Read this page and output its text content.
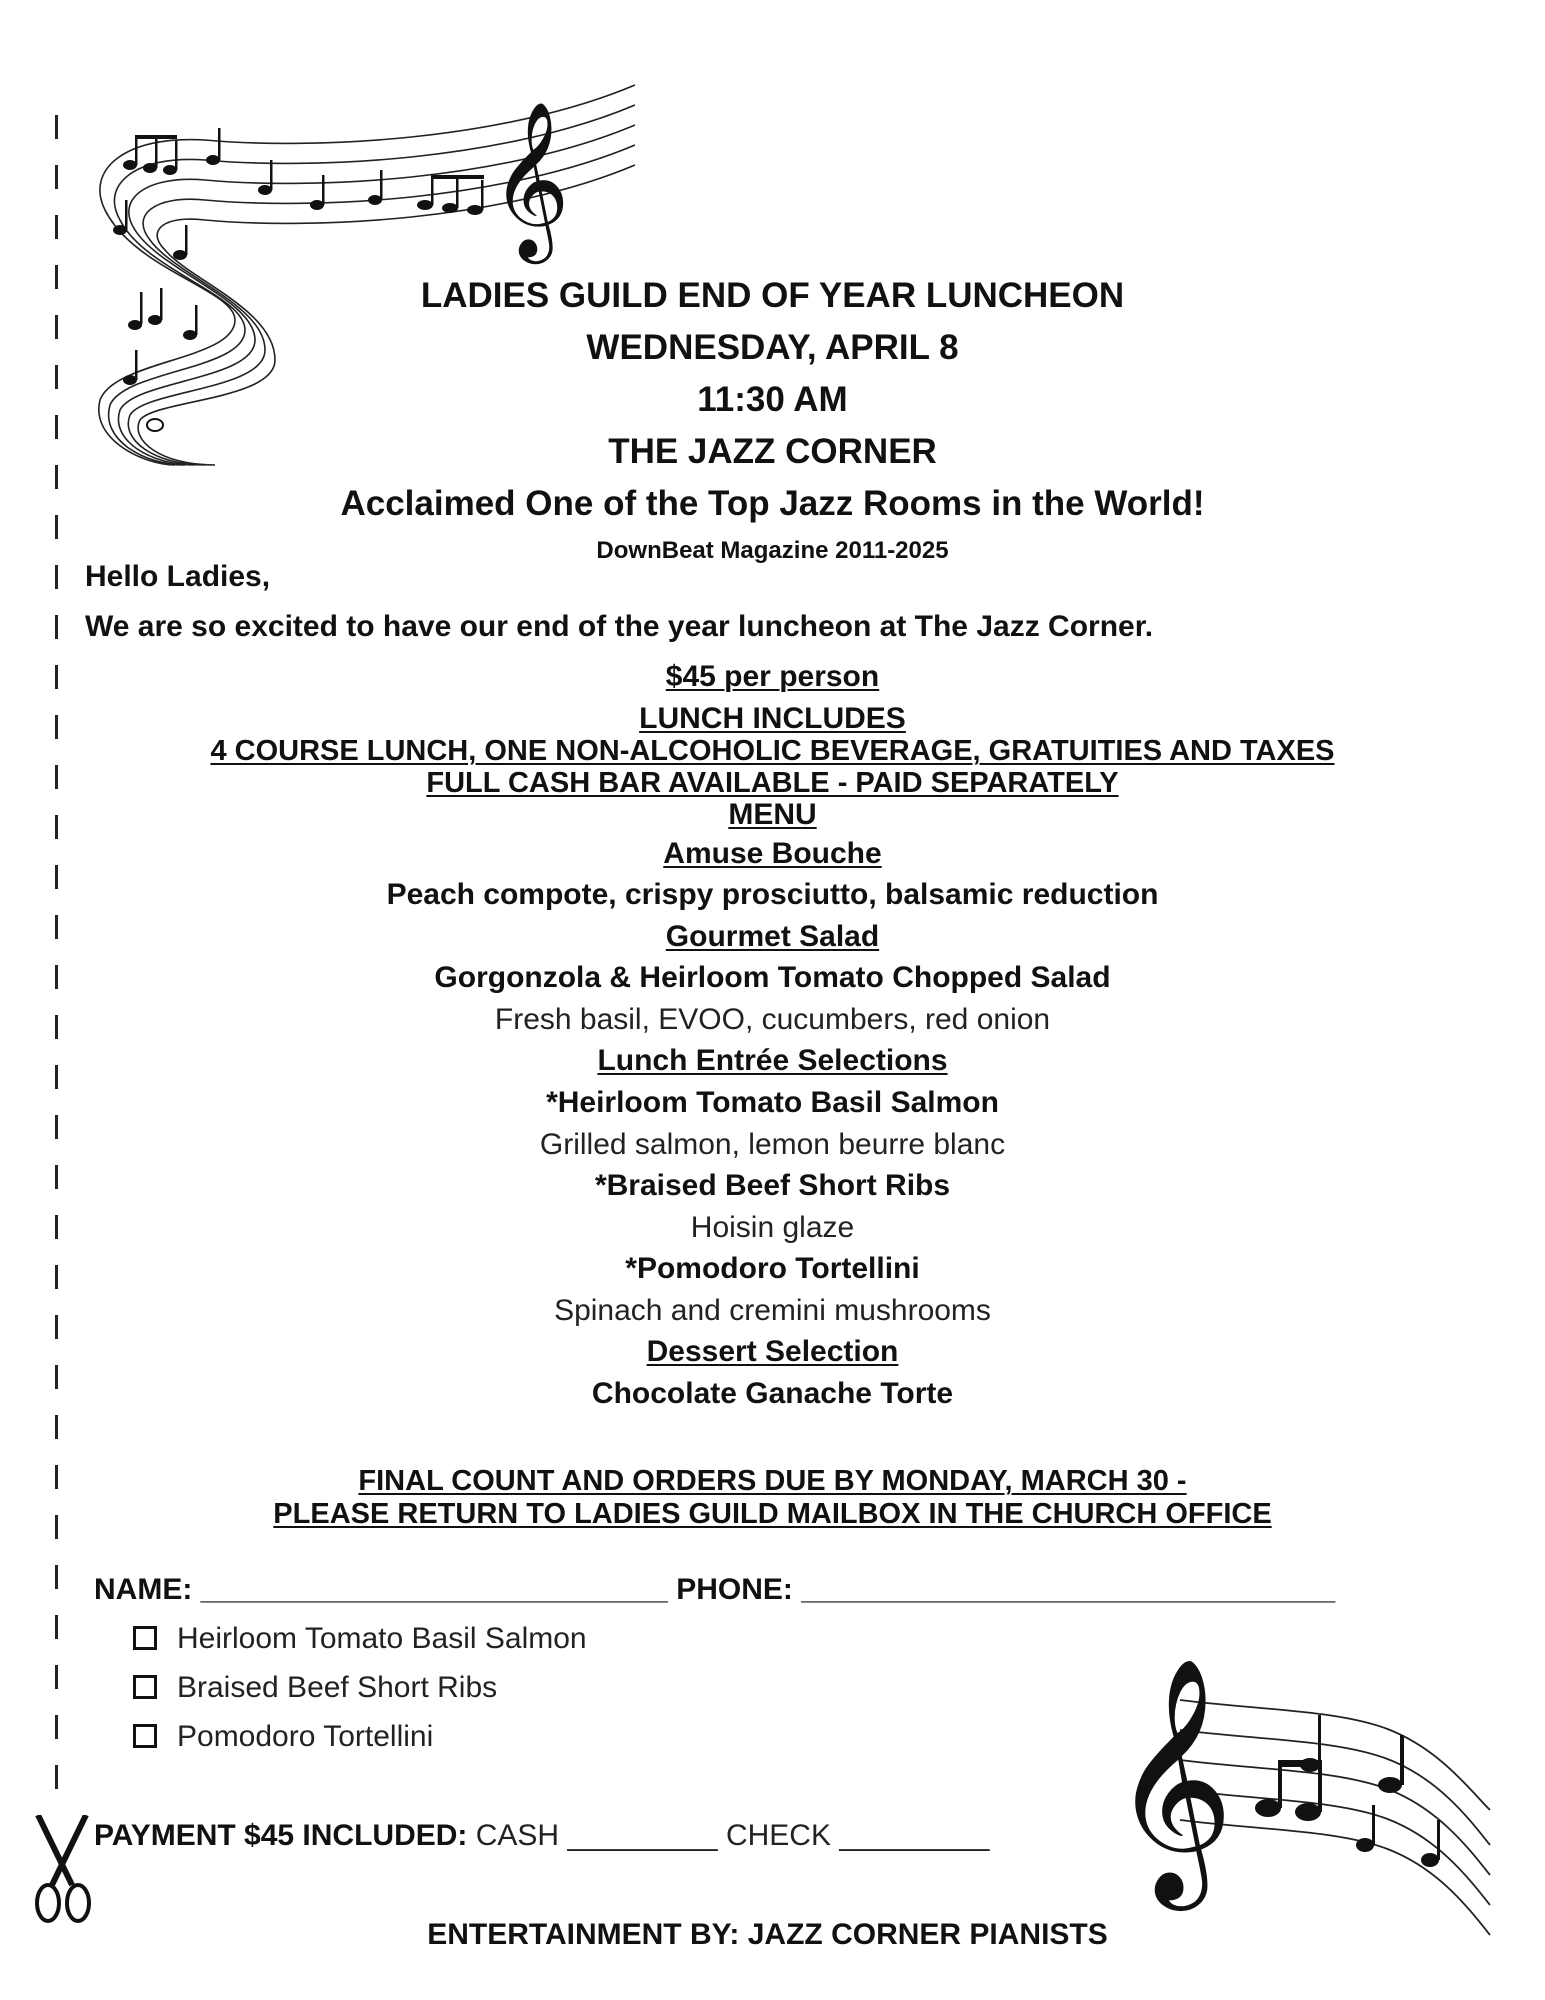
𝄞
𝄞
LADIES GUILD END OF YEAR LUNCHEON
WEDNESDAY, APRIL 8
11:30 AM
THE JAZZ CORNER
Acclaimed One of the Top Jazz Rooms in the World!
DownBeat Magazine 2011-2025
Hello Ladies,
We are so excited to have our end of the year luncheon at The Jazz Corner.
$45 per person
LUNCH INCLUDES
4 COURSE LUNCH, ONE NON-ALCOHOLIC BEVERAGE, GRATUITIES AND TAXES
FULL CASH BAR AVAILABLE - PAID SEPARATELY
MENU
Amuse Bouche
Peach compote, crispy prosciutto, balsamic reduction
Gourmet Salad
Gorgonzola & Heirloom Tomato Chopped Salad
Fresh basil, EVOO, cucumbers, red onion
Lunch Entrée Selections
*Heirloom Tomato Basil Salmon
Grilled salmon, lemon beurre blanc
*Braised Beef Short Ribs
Hoisin glaze
*Pomodoro Tortellini
Spinach and cremini mushrooms
Dessert Selection
Chocolate Ganache Torte
FINAL COUNT AND ORDERS DUE BY MONDAY, MARCH 30 -
PLEASE RETURN TO LADIES GUILD MAILBOX IN THE CHURCH OFFICE
NAME: ____________________________ PHONE: ________________________________
Heirloom Tomato Basil Salmon
Braised Beef Short Ribs
Pomodoro Tortellini
PAYMENT $45 INCLUDED: CASH _________ CHECK _________
ENTERTAINMENT BY: JAZZ CORNER PIANISTS
